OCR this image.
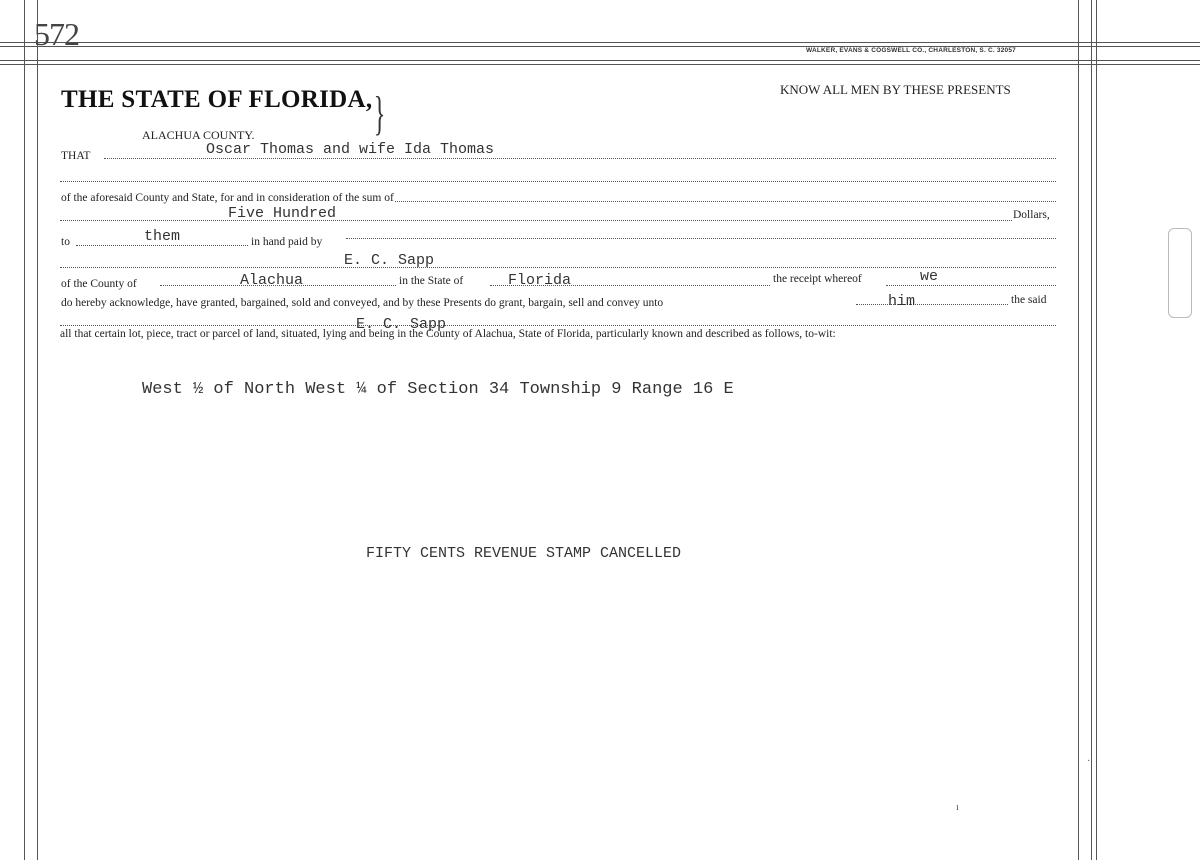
572	WALKER, EVANS & COGSWELL CO., CHARLESTON, S. C. 32057
THE STATE OF FLORIDA, }	KNOW ALL MEN BY THESE PRESENTS
ALACHUA COUNTY.
THAT	Oscar Thomas and wife Ida Thomas
of the aforesaid County and State, for and in consideration of the sum of
Five Hundred	Dollars,
to	them	in hand paid by
E. C. Sapp
of the County of	Alachua	in the State of	Florida	the receipt whereof	we
do hereby acknowledge, have granted, bargained, sold and conveyed, and by these Presents do grant, bargain, sell and convey unto	him	the said
E. C. Sapp
all that certain lot, piece, tract or parcel of land, situated, lying and being in the County of Alachua, State of Florida, particularly known and described as follows, to-wit:
West ½ of North West ¼ of Section 34 Township 9 Range 16 E
FIFTY CENTS REVENUE STAMP CANCELLED
ı
·
